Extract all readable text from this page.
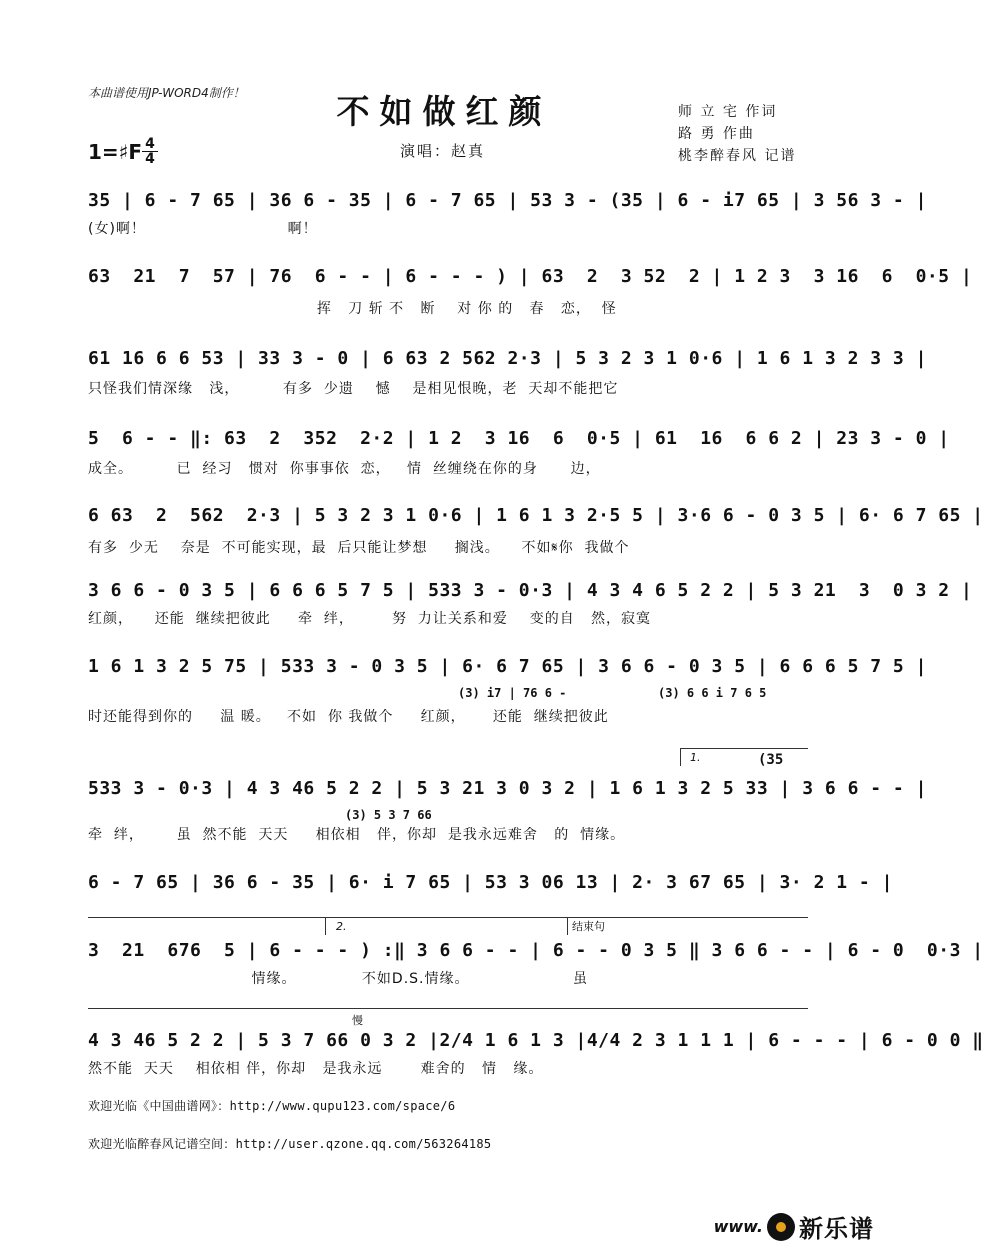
本曲谱使用JP-WORD4制作！	不如做红颜	师 立 宅 作词
路 勇 作曲
桃李醉春风 记谱
1=♯F 4
4	演唱：赵真
35 | 6 - 7 65 | 36 6 - 35 | 6 - 7 65 | 53 3 - (35 | 6 - i7 65 | 3 56 3 - |
(女)啊！                          啊！
63  21  7  57 | 76  6 - - | 6 - - - ) | 63  2  3 52  2 | 1 2 3  3 16  6  0·5 |
挥   刀 斩 不   断    对 你 的   春   恋，  怪
61 16 6 6 53 | 33 3 - 0 | 6 63 2 562 2·3 | 5 3 2 3 1 0·6 | 1 6 1 3 2 3 3 |
只怪我们情深缘   浅，        有多  少遗    憾    是相见恨晚，老  天却不能把它
5  6 - - ‖: 63  2  352  2·2 | 1 2  3 16  6  0·5 | 61  16  6 6 2 | 23 3 - 0 |
成全。        已  经习   惯对  你事事依  恋，   情  丝缠绕在你的身      边，
6 63  2  562  2·3 | 5 3 2 3 1 0·6 | 1 6 1 3 2·5 5 | 3·6 6 - 0 3 5 | 6· 6 7 65 |
有多  少无    奈是  不可能实现，最  后只能让梦想     搁浅。    不如𝄋你  我做个
3 6 6 - 0 3 5 | 6 6 6 5 7 5 | 533 3 - 0·3 | 4 3 4 6 5 2 2 | 5 3 21  3  0 3 2 |
红颜，    还能  继续把彼此     牵  绊，       努  力让关系和爱    变的自   然，寂寞
1 6 1 3 2 5 75 | 533 3 - 0 3 5 | 6· 6 7 65 | 3 6 6 - 0 3 5 | 6 6 6 5 7 5 |
(3) i7 | 76 6 -	(3) 6 6 i 7 6 5
时还能得到你的     温 暖。   不如  你 我做个     红颜，     还能  继续把彼此
1.	(35
533 3 - 0·3 | 4 3 46 5 2 2 | 5 3 21 3 0 3 2 | 1 6 1 3 2 5 33 | 3 6 6 - - |
(3) 5 3 7 66
牵  绊，      虽  然不能  天天     相依相   伴，你却  是我永远难舍   的  情缘。
6 - 7 65 | 36 6 - 35 | 6· i 7 65 | 53 3 06 13 | 2· 3 67 65 | 3· 2 1 - |
2.	结束句
3  21  676  5 | 6 - - - ) :‖ 3 6 6 - - | 6 - - 0 3 5 ‖ 3 6 6 - - | 6 - 0  0·3 |
情缘。            不如D.S.情缘。                   虽
慢
4 3 46 5 2 2 | 5 3 7 66 0 3 2 |2/4 1 6 1 3 |4/4 2 3 1 1 1 | 6 - - - | 6 - 0 0 ‖
然不能  天天    相依相 伴，你却   是我永远       难舍的   情   缘。
欢迎光临《中国曲谱网》：http://www.qupu123.com/space/6
欢迎光临醉春风记谱空间：http://user.qzone.qq.com/563264185
www. 新乐谱
